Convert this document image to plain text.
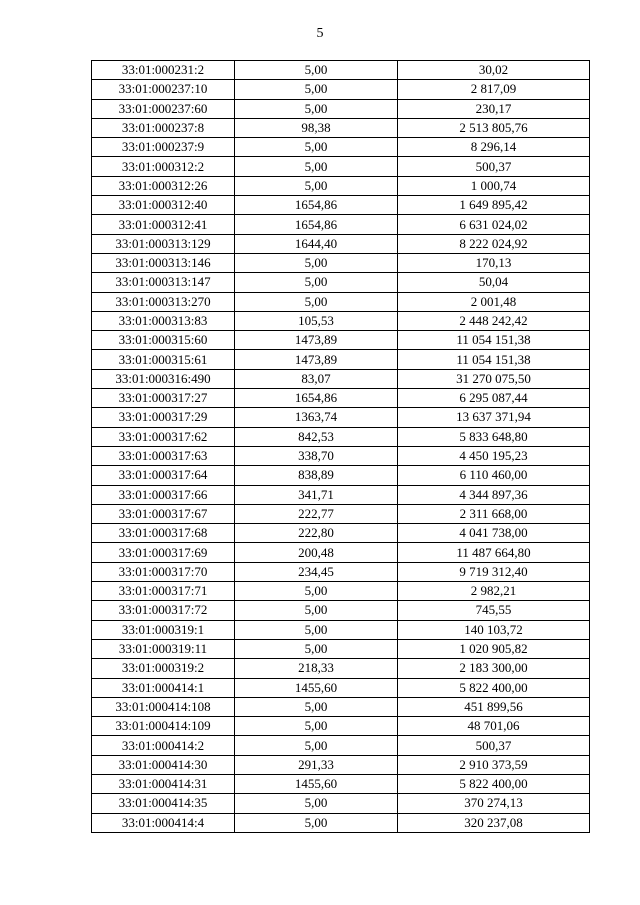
5
33:01:000231:2	5,00	30,02
33:01:000237:10	5,00	2 817,09
33:01:000237:60	5,00	230,17
33:01:000237:8	98,38	2 513 805,76
33:01:000237:9	5,00	8 296,14
33:01:000312:2	5,00	500,37
33:01:000312:26	5,00	1 000,74
33:01:000312:40	1654,86	1 649 895,42
33:01:000312:41	1654,86	6 631 024,02
33:01:000313:129	1644,40	8 222 024,92
33:01:000313:146	5,00	170,13
33:01:000313:147	5,00	50,04
33:01:000313:270	5,00	2 001,48
33:01:000313:83	105,53	2 448 242,42
33:01:000315:60	1473,89	11 054 151,38
33:01:000315:61	1473,89	11 054 151,38
33:01:000316:490	83,07	31 270 075,50
33:01:000317:27	1654,86	6 295 087,44
33:01:000317:29	1363,74	13 637 371,94
33:01:000317:62	842,53	5 833 648,80
33:01:000317:63	338,70	4 450 195,23
33:01:000317:64	838,89	6 110 460,00
33:01:000317:66	341,71	4 344 897,36
33:01:000317:67	222,77	2 311 668,00
33:01:000317:68	222,80	4 041 738,00
33:01:000317:69	200,48	11 487 664,80
33:01:000317:70	234,45	9 719 312,40
33:01:000317:71	5,00	2 982,21
33:01:000317:72	5,00	745,55
33:01:000319:1	5,00	140 103,72
33:01:000319:11	5,00	1 020 905,82
33:01:000319:2	218,33	2 183 300,00
33:01:000414:1	1455,60	5 822 400,00
33:01:000414:108	5,00	451 899,56
33:01:000414:109	5,00	48 701,06
33:01:000414:2	5,00	500,37
33:01:000414:30	291,33	2 910 373,59
33:01:000414:31	1455,60	5 822 400,00
33:01:000414:35	5,00	370 274,13
33:01:000414:4	5,00	320 237,08
